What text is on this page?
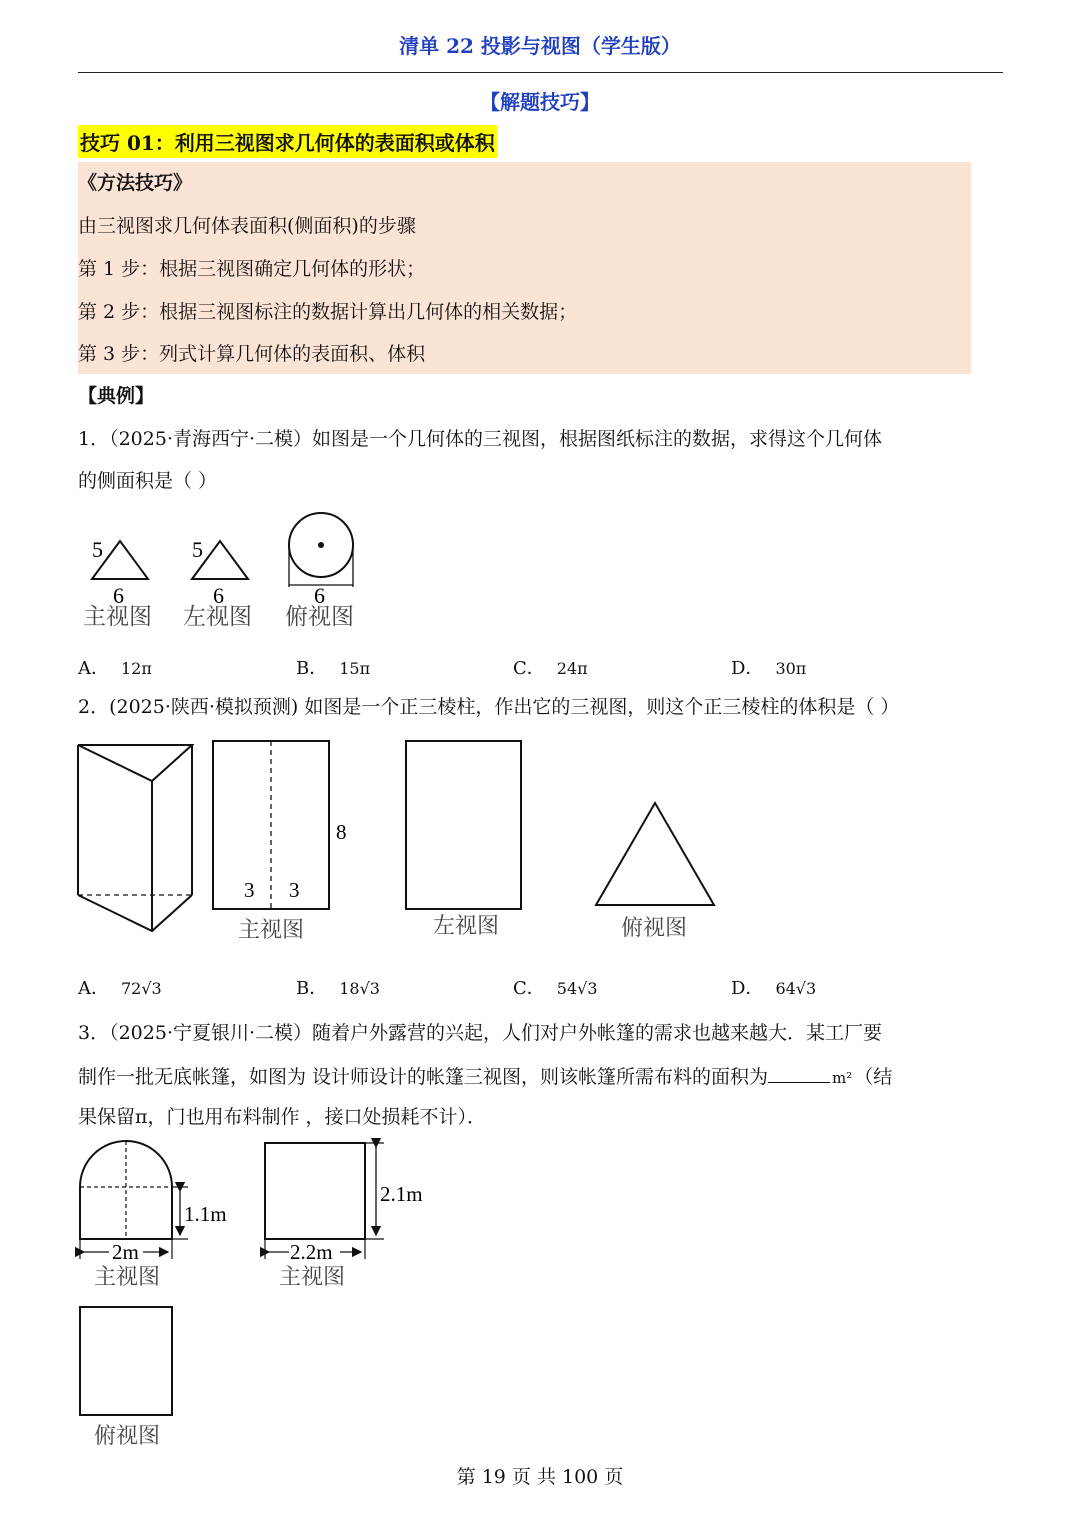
清单 22 投影与视图（学生版）
【解题技巧】
技巧 01：利用三视图求几何体的表面积或体积
《方法技巧》
由三视图求几何体表面积(侧面积)的步骤
第 1 步：根据三视图确定几何体的形状；
第 2 步：根据三视图标注的数据计算出几何体的相关数据；
第 3 步：列式计算几何体的表面积、体积
【典例】
1．（2025·青海西宁·二模）如图是一个几何体的三视图，根据图纸标注的数据，求得这个几何体
的侧面积是（ ）
5
6
主视图
5
6
左视图
6
俯视图
A． 12π	B． 15π	C． 24π	D． 30π
2．(2025·陕西·模拟预测) 如图是一个正三棱柱，作出它的三视图，则这个正三棱柱的体积是（ ）
3 3
8
主视图	左视图	俯视图
A． 72√3	B． 18√3	C． 54√3	D． 64√3
3．（2025·宁夏银川·二模）随着户外露营的兴起，人们对户外帐篷的需求也越来越大．某工厂要
制作一批无底帐篷，如图为 设计师设计的帐篷三视图，则该帐篷所需布料的面积为	m² （结
果保留π，门也用布料制作 ，接口处损耗不计）．
1.1m
2m
主视图
2.1m
2.2m
主视图
俯视图
第 19 页 共 100 页
